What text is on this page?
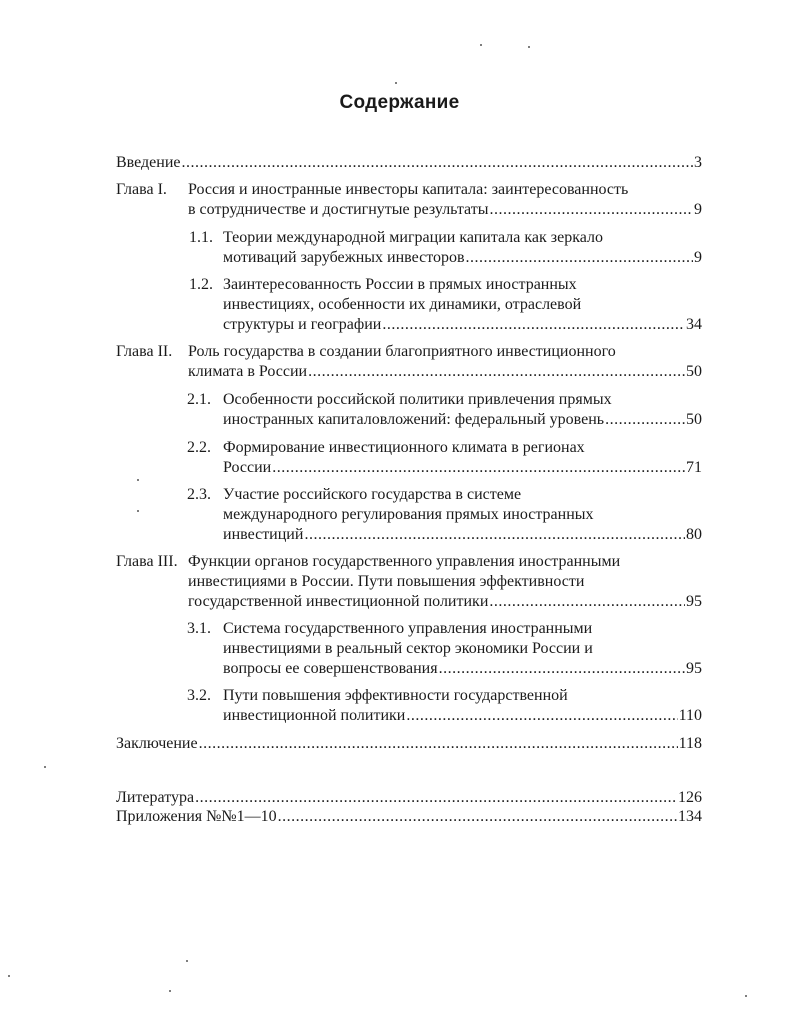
Содержание
Введение .....	3
Глава I. Россия и иностранные инвесторы капитала: заинтересованность
в сотрудничестве и достигнутые результаты .....	9
1.1. Теории международной миграции капитала как зеркало
мотиваций зарубежных инвесторов .....	9
1.2. Заинтересованность России в прямых иностранных
инвестициях, особенности их динамики, отраслевой
структуры и географии .....	34
Глава II. Роль государства в создании благоприятного инвестиционного
климата в России .....	50
2.1. Особенности российской политики привлечения прямых
иностранных капиталовложений: федеральный уровень .....	50
2.2. Формирование инвестиционного климата в регионах
России .....	71
2.3. Участие российского государства в системе
международного регулирования прямых иностранных
инвестиций .....	80
Глава III. Функции органов государственного управления иностранными
инвестициями в России. Пути повышения эффективности
государственной инвестиционной политики .....	95
3.1. Система государственного управления иностранными
инвестициями в реальный сектор экономики России и
вопросы ее совершенствования .....	95
3.2. Пути повышения эффективности государственной
инвестиционной политики .....	110
Заключение .....	118
Литература .....	126
Приложения №№1—10 .....	134
